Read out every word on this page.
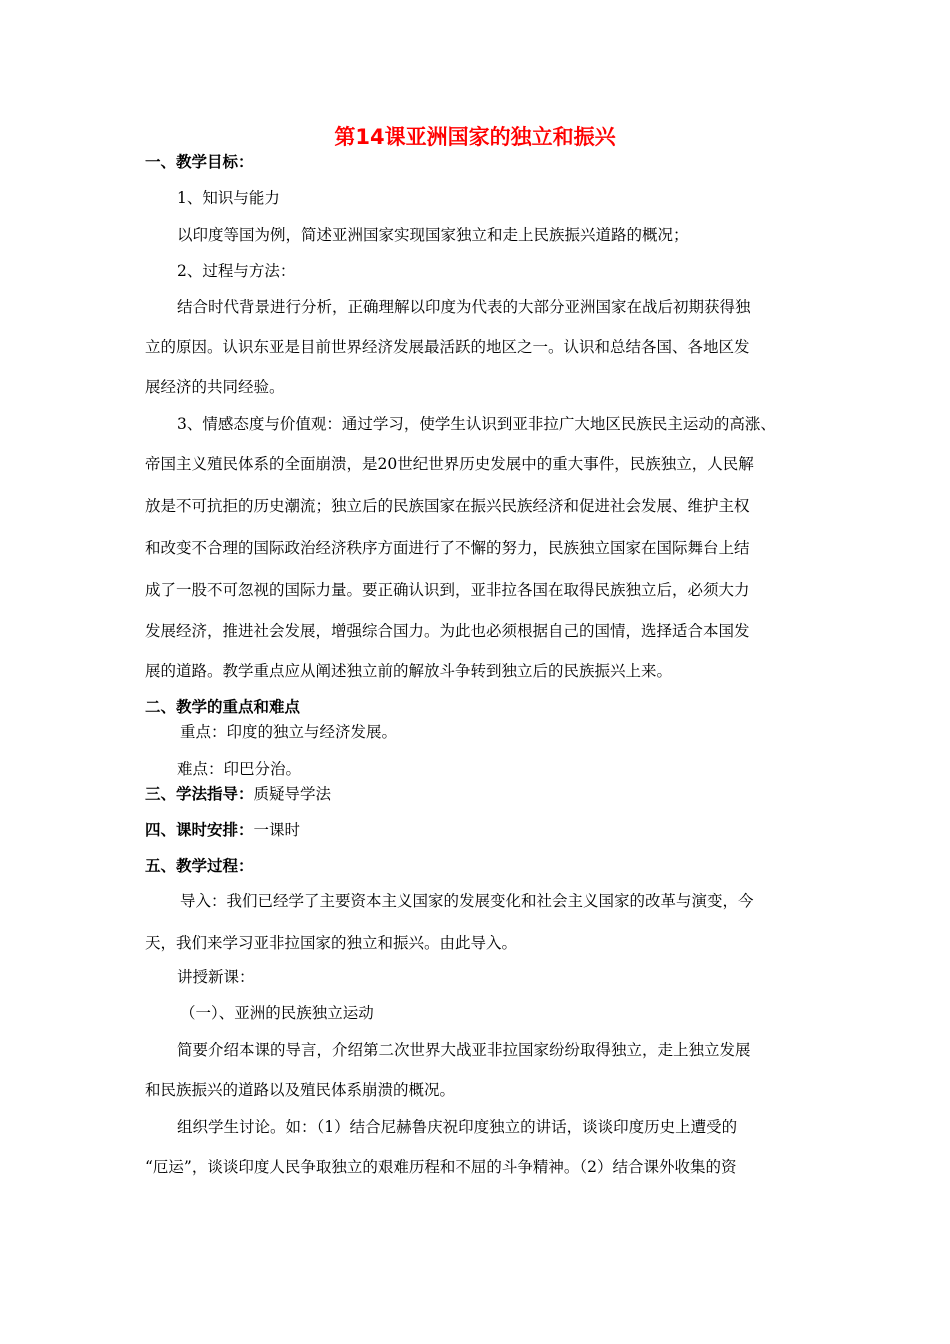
第14课亚洲国家的独立和振兴
一、教学目标：
1、知识与能力
以印度等国为例，简述亚洲国家实现国家独立和走上民族振兴道路的概况；
2、过程与方法：
结合时代背景进行分析，正确理解以印度为代表的大部分亚洲国家在战后初期获得独
立的原因。认识东亚是目前世界经济发展最活跃的地区之一。认识和总结各国、各地区发
展经济的共同经验。
3、情感态度与价值观：通过学习，使学生认识到亚非拉广大地区民族民主运动的高涨、
帝国主义殖民体系的全面崩溃，是20世纪世界历史发展中的重大事件，民族独立，人民解
放是不可抗拒的历史潮流；独立后的民族国家在振兴民族经济和促进社会发展、维护主权
和改变不合理的国际政治经济秩序方面进行了不懈的努力，民族独立国家在国际舞台上结
成了一股不可忽视的国际力量。要正确认识到，亚非拉各国在取得民族独立后，必须大力
发展经济，推进社会发展，增强综合国力。为此也必须根据自己的国情，选择适合本国发
展的道路。教学重点应从阐述独立前的解放斗争转到独立后的民族振兴上来。
二、教学的重点和难点
重点：印度的独立与经济发展。
难点：印巴分治。
三、学法指导：质疑导学法
四、课时安排：一课时
五、教学过程：
导入：我们已经学了主要资本主义国家的发展变化和社会主义国家的改革与演变，今
天，我们来学习亚非拉国家的独立和振兴。由此导入。
讲授新课：
（一）、亚洲的民族独立运动
简要介绍本课的导言，介绍第二次世界大战亚非拉国家纷纷取得独立，走上独立发展
和民族振兴的道路以及殖民体系崩溃的概况。
组织学生讨论。如：（1）结合尼赫鲁庆祝印度独立的讲话，谈谈印度历史上遭受的
“厄运”，谈谈印度人民争取独立的艰难历程和不屈的斗争精神。（2）结合课外收集的资
